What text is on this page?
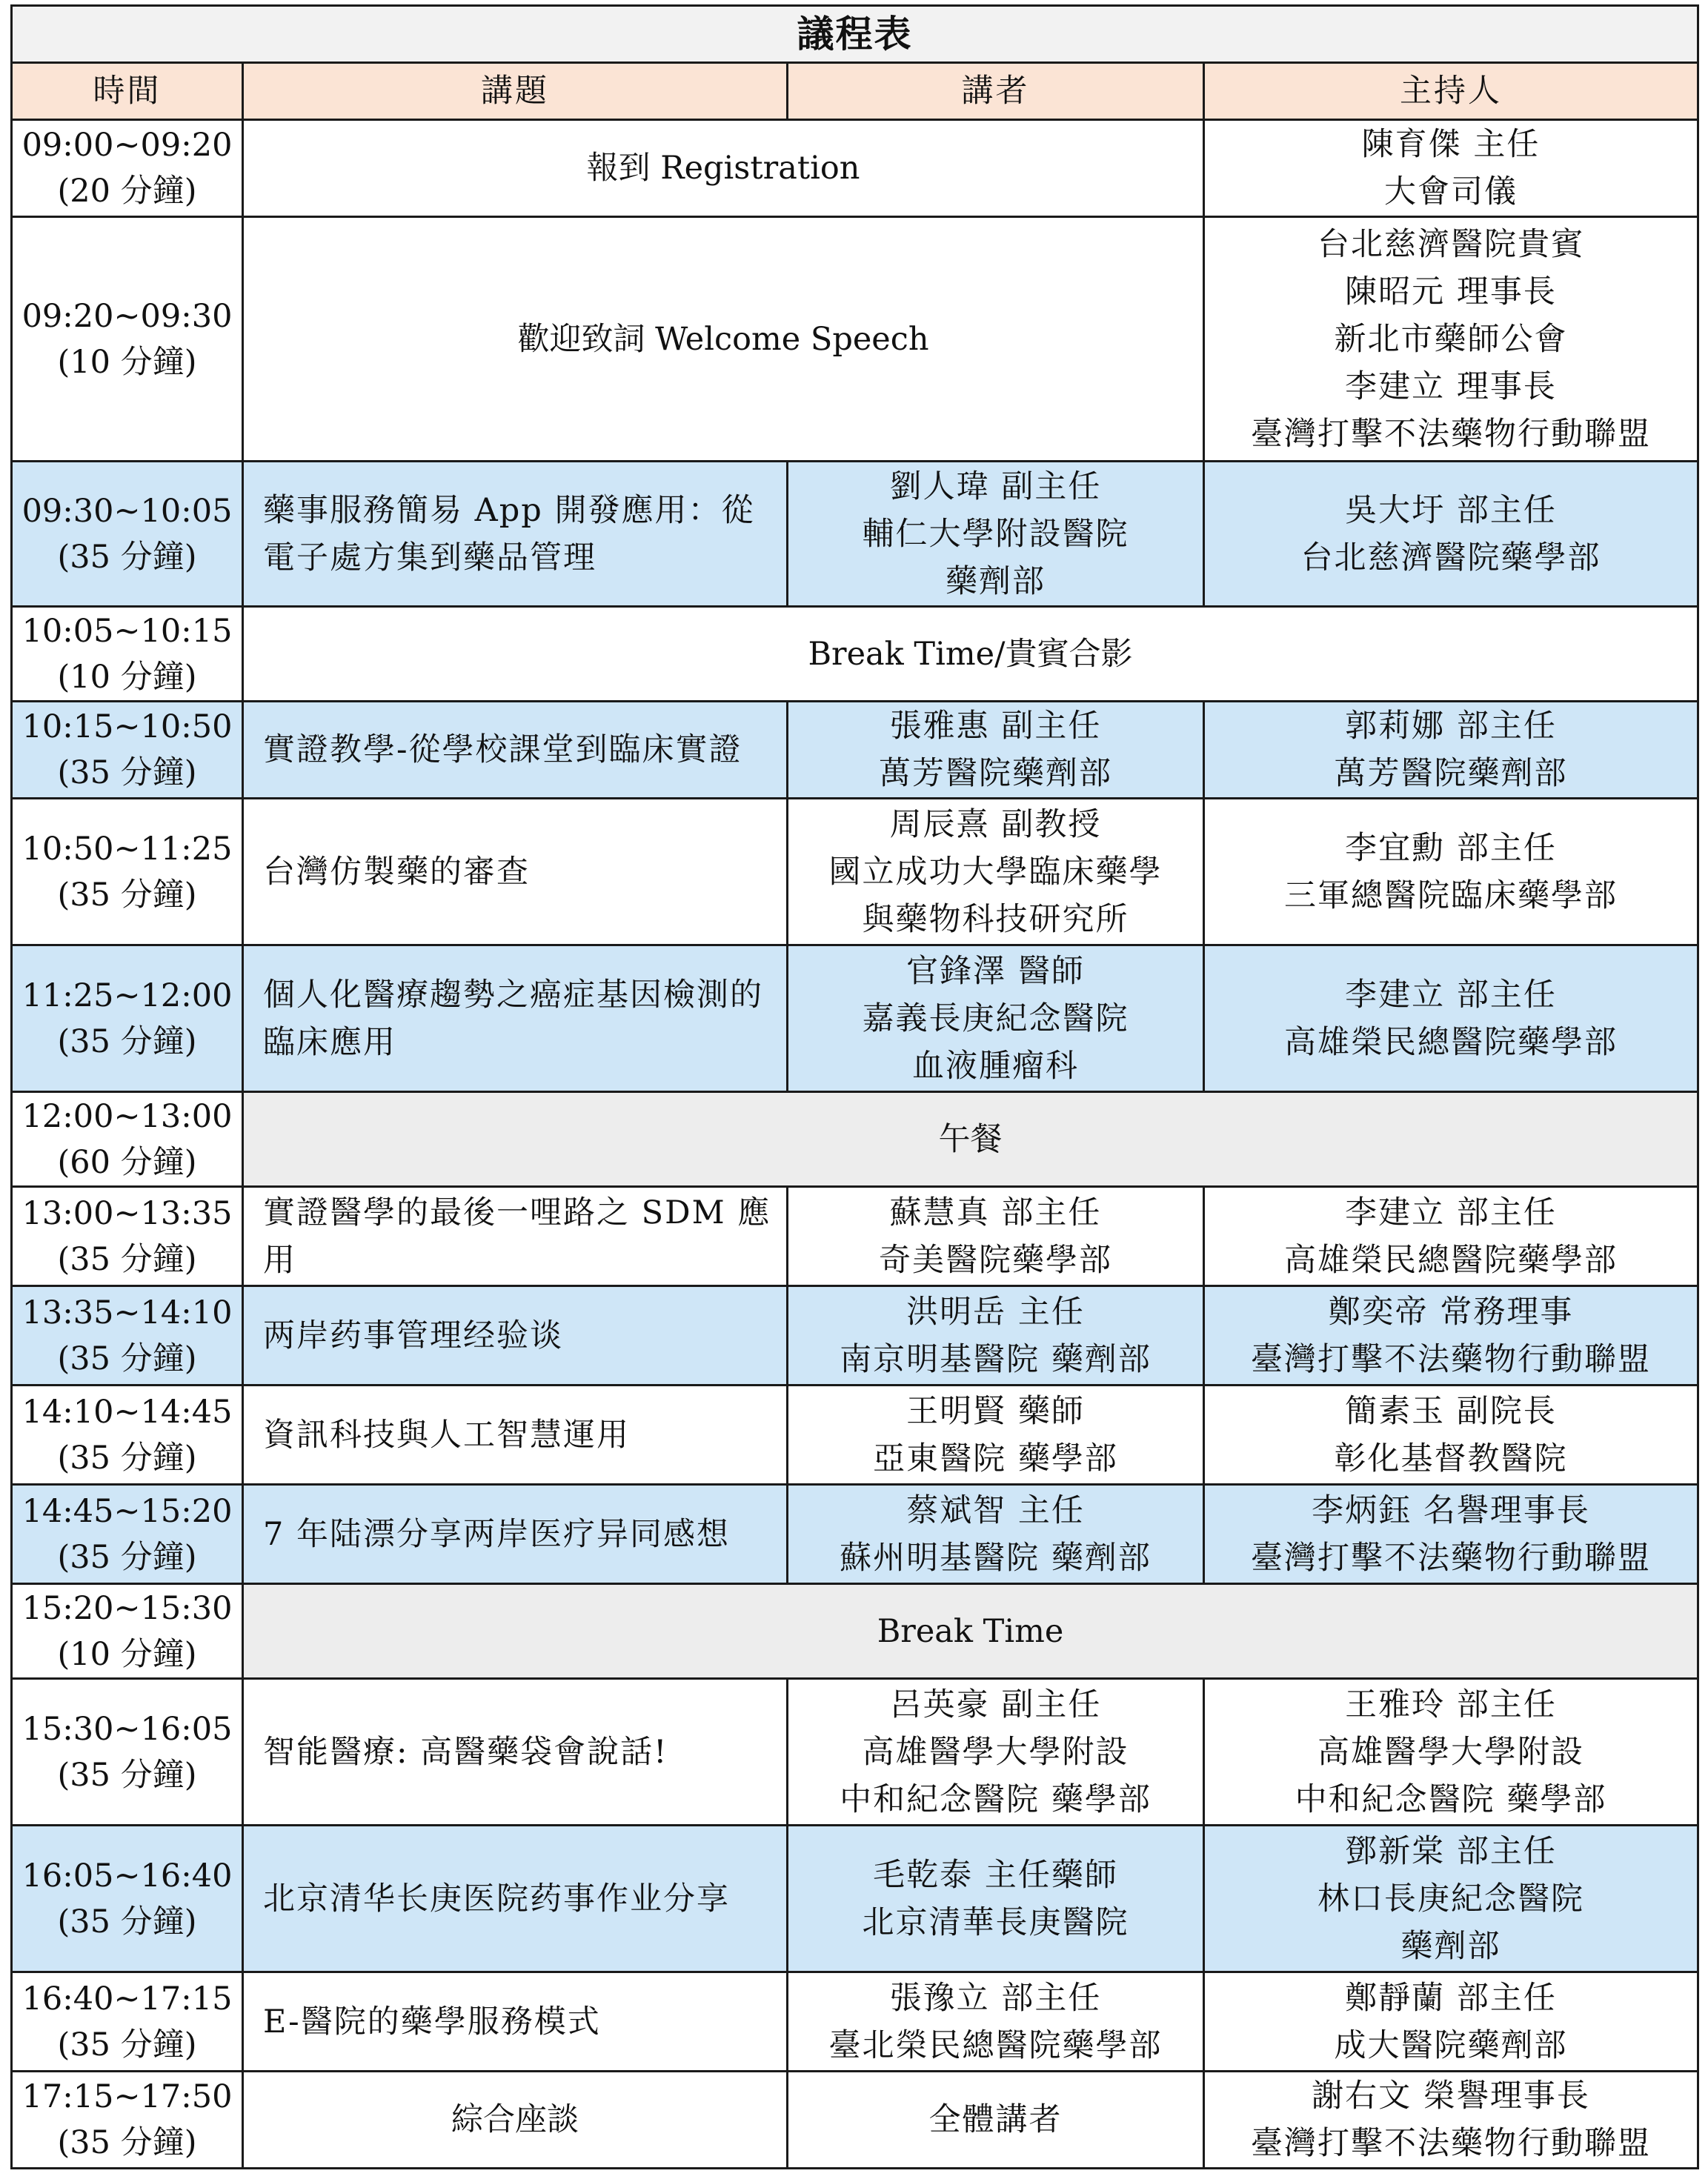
議程表			
時間	講題	講者	主持人

09:00~09:20
(20 分鐘)	報到 Registration		陳育傑 主任
大會司儀

09:20~09:30
(10 分鐘)	歡迎致詞 Welcome Speech		台北慈濟醫院貴賓
陳昭元 理事長
新北市藥師公會
李建立 理事長
臺灣打擊不法藥物行動聯盟

09:30~10:05
(35 分鐘)	藥事服務簡易 App 開發應用：從電子處方集到藥品管理	劉人瑋 副主任
輔仁大學附設醫院
藥劑部	吳大圩 部主任
台北慈濟醫院藥學部

10:05~10:15
(10 分鐘)	Break Time/貴賓合影		

10:15~10:50
(35 分鐘)	實證教學-從學校課堂到臨床實證	張雅惠 副主任
萬芳醫院藥劑部	郭莉娜 部主任
萬芳醫院藥劑部

10:50~11:25
(35 分鐘)	台灣仿製藥的審查	周辰熹 副教授
國立成功大學臨床藥學
與藥物科技研究所	李宜勳 部主任
三軍總醫院臨床藥學部

11:25~12:00
(35 分鐘)	個人化醫療趨勢之癌症基因檢測的臨床應用	官鋒澤 醫師
嘉義長庚紀念醫院
血液腫瘤科	李建立 部主任
高雄榮民總醫院藥學部

12:00~13:00
(60 分鐘)	午餐		

13:00~13:35
(35 分鐘)	實證醫學的最後一哩路之 SDM 應用	蘇慧真 部主任
奇美醫院藥學部	李建立 部主任
高雄榮民總醫院藥學部

13:35~14:10
(35 分鐘)	两岸药事管理经验谈	洪明岳 主任
南京明基醫院 藥劑部	鄭奕帝 常務理事
臺灣打擊不法藥物行動聯盟

14:10~14:45
(35 分鐘)	資訊科技與人工智慧運用	王明賢 藥師
亞東醫院 藥學部	簡素玉 副院長
彰化基督教醫院

14:45~15:20
(35 分鐘)	7 年陆漂分享两岸医疗异同感想	蔡斌智 主任
蘇州明基醫院 藥劑部	李炳鈺 名譽理事長
臺灣打擊不法藥物行動聯盟

15:20~15:30
(10 分鐘)	Break Time		

15:30~16:05
(35 分鐘)	智能醫療: 高醫藥袋會說話!	呂英豪 副主任
高雄醫學大學附設
中和紀念醫院 藥學部	王雅玲 部主任
高雄醫學大學附設
中和紀念醫院 藥學部

16:05~16:40
(35 分鐘)	北京清华长庚医院药事作业分享	毛乾泰 主任藥師
北京清華長庚醫院	鄧新棠 部主任
林口長庚紀念醫院
藥劑部

16:40~17:15
(35 分鐘)	E-醫院的藥學服務模式	張豫立 部主任
臺北榮民總醫院藥學部	鄭靜蘭 部主任
成大醫院藥劑部

17:15~17:50
(35 分鐘)	綜合座談	全體講者	謝右文 榮譽理事長
臺灣打擊不法藥物行動聯盟
